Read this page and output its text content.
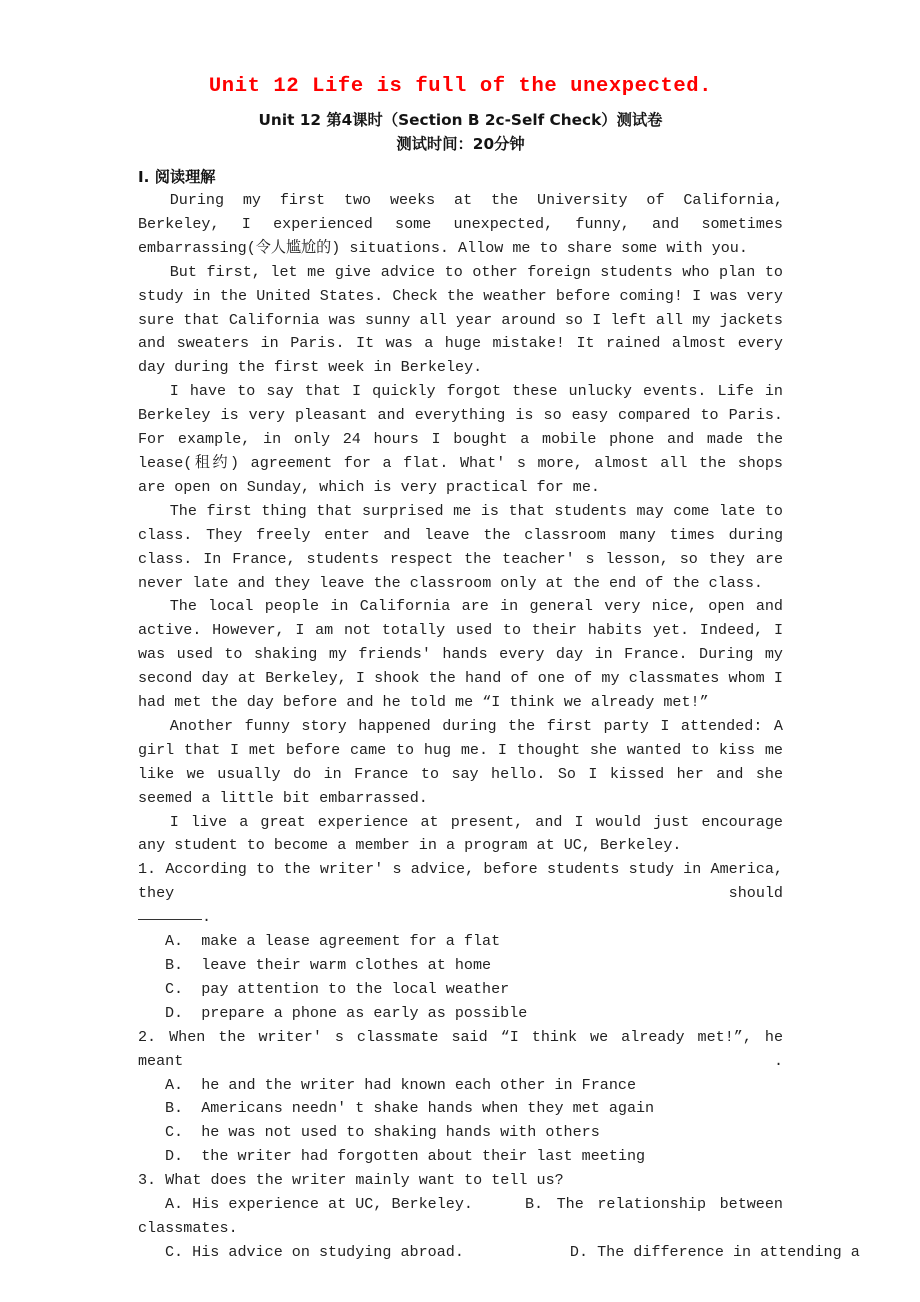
Unit 12 Life is full of the unexpected.
Unit 12 第4课时（Section B 2c-Self Check）测试卷
测试时间：20分钟
I. 阅读理解

During my first two weeks at the University of California, Berkeley, I experienced some unexpected, funny, and sometimes embarrassing(令人尴尬的) situations. Allow me to share some with you.

But first, let me give advice to other foreign students who plan to study in the United States. Check the weather before coming! I was very sure that California was sunny all year around so I left all my jackets and sweaters in Paris. It was a huge mistake! It rained almost every day during the first week in Berkeley.

I have to say that I quickly forgot these unlucky events. Life in Berkeley is very pleasant and everything is so easy compared to Paris. For example, in only 24 hours I bought a mobile phone and made the lease(租约) agreement for a flat. What' s more, almost all the shops are open on Sunday, which is very practical for me.

The first thing that surprised me is that students may come late to class. They freely enter and leave the classroom many times during class. In France, students respect the teacher' s lesson, so they are never late and they leave the classroom only at the end of the class.

The local people in California are in general very nice, open and active. However, I am not totally used to their habits yet. Indeed, I was used to shaking my friends' hands every day in France. During my second day at Berkeley, I shook the hand of one of my classmates whom I had met the day before and he told me “I think we already met!”

Another funny story happened during the first party I attended: A girl that I met before came to hug me. I thought she wanted to kiss me like we usually do in France to say hello. So I kissed her and she seemed a little bit embarrassed.

I live a great experience at present, and I would just encourage any student to become a member in a program at UC, Berkeley.

1. According to the writer' s advice, before students study in America, they should

.

A.  make a lease agreement for a flat

B.  leave their warm clothes at home

C.  pay attention to the local weather

D.  prepare a phone as early as possible

2. When the writer' s classmate said “I think we already met!”, he meant .

A.  he and the writer had known each other in France

B.  Americans needn' t shake hands when they met again

C.  he was not used to shaking hands with others

D.  the writer had forgotten about their last meeting

3. What does the writer mainly want to tell us?

A. His experience at UC, Berkeley.	B. The relationship between

classmates.

C. His advice on studying abroad.	D. The difference in attending a
